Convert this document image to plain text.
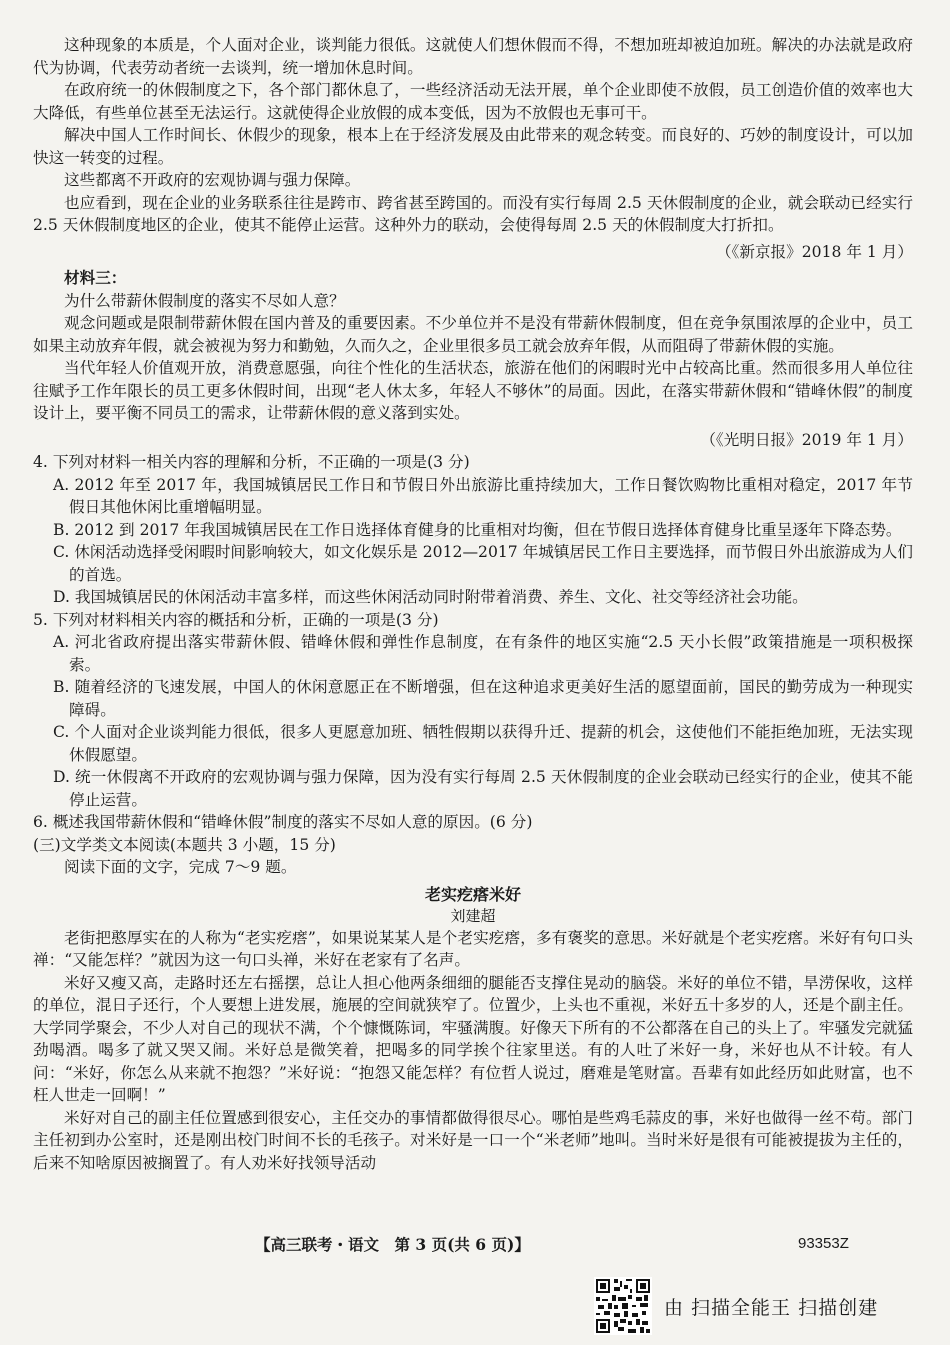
这种现象的本质是，个人面对企业，谈判能力很低。这就使人们想休假而不得，不想加班却被迫加班。解决的办法就是政府代为协调，代表劳动者统一去谈判，统一增加休息时间。

在政府统一的休假制度之下，各个部门都休息了，一些经济活动无法开展，单个企业即使不放假，员工创造价值的效率也大大降低，有些单位甚至无法运行。这就使得企业放假的成本变低，因为不放假也无事可干。

解决中国人工作时间长、休假少的现象，根本上在于经济发展及由此带来的观念转变。而良好的、巧妙的制度设计，可以加快这一转变的过程。

这些都离不开政府的宏观协调与强力保障。

也应看到，现在企业的业务联系往往是跨市、跨省甚至跨国的。而没有实行每周 2.5 天休假制度的企业，就会联动已经实行 2.5 天休假制度地区的企业，使其不能停止运营。这种外力的联动，会使得每周 2.5 天的休假制度大打折扣。

（《新京报》2018 年 1 月）

材料三：

为什么带薪休假制度的落实不尽如人意？

观念问题或是限制带薪休假在国内普及的重要因素。不少单位并不是没有带薪休假制度，但在竞争氛围浓厚的企业中，员工如果主动放弃年假，就会被视为努力和勤勉，久而久之，企业里很多员工就会放弃年假，从而阻碍了带薪休假的实施。

当代年轻人价值观开放，消费意愿强，向往个性化的生活状态，旅游在他们的闲暇时光中占较高比重。然而很多用人单位往往赋予工作年限长的员工更多休假时间，出现“老人休太多，年轻人不够休”的局面。因此，在落实带薪休假和“错峰休假”的制度设计上，要平衡不同员工的需求，让带薪休假的意义落到实处。

（《光明日报》2019 年 1 月）

4. 下列对材料一相关内容的理解和分析，不正确的一项是(3 分)

A. 2012 年至 2017 年，我国城镇居民工作日和节假日外出旅游比重持续加大，工作日餐饮购物比重相对稳定，2017 年节假日其他休闲比重增幅明显。

B. 2012 到 2017 年我国城镇居民在工作日选择体育健身的比重相对均衡，但在节假日选择体育健身比重呈逐年下降态势。

C. 休闲活动选择受闲暇时间影响较大，如文化娱乐是 2012—2017 年城镇居民工作日主要选择，而节假日外出旅游成为人们的首选。

D. 我国城镇居民的休闲活动丰富多样，而这些休闲活动同时附带着消费、养生、文化、社交等经济社会功能。

5. 下列对材料相关内容的概括和分析，正确的一项是(3 分)

A. 河北省政府提出落实带薪休假、错峰休假和弹性作息制度，在有条件的地区实施“2.5 天小长假”政策措施是一项积极探索。

B. 随着经济的飞速发展，中国人的休闲意愿正在不断增强，但在这种追求更美好生活的愿望面前，国民的勤劳成为一种现实障碍。

C. 个人面对企业谈判能力很低，很多人更愿意加班、牺牲假期以获得升迁、提薪的机会，这使他们不能拒绝加班，无法实现休假愿望。

D. 统一休假离不开政府的宏观协调与强力保障，因为没有实行每周 2.5 天休假制度的企业会联动已经实行的企业，使其不能停止运营。

6. 概述我国带薪休假和“错峰休假”制度的落实不尽如人意的原因。(6 分)

(三)文学类文本阅读(本题共 3 小题，15 分)

阅读下面的文字，完成 7～9 题。

老实疙瘩米好

刘建超

老街把憨厚实在的人称为“老实疙瘩”，如果说某某人是个老实疙瘩，多有褒奖的意思。米好就是个老实疙瘩。米好有句口头禅：“又能怎样？”就因为这一句口头禅，米好在老家有了名声。

米好又瘦又高，走路时还左右摇摆，总让人担心他两条细细的腿能否支撑住晃动的脑袋。米好的单位不错，旱涝保收，这样的单位，混日子还行，个人要想上进发展，施展的空间就狭窄了。位置少，上头也不重视，米好五十多岁的人，还是个副主任。大学同学聚会，不少人对自己的现状不满，个个慷慨陈词，牢骚满腹。好像天下所有的不公都落在自己的头上了。牢骚发完就猛劲喝酒。喝多了就又哭又闹。米好总是微笑着，把喝多的同学挨个往家里送。有的人吐了米好一身，米好也从不计较。有人问：“米好，你怎么从来就不抱怨？”米好说：“抱怨又能怎样？有位哲人说过，磨难是笔财富。吾辈有如此经历如此财富，也不枉人世走一回啊！”

米好对自己的副主任位置感到很安心，主任交办的事情都做得很尽心。哪怕是些鸡毛蒜皮的事，米好也做得一丝不苟。部门主任初到办公室时，还是刚出校门时间不长的毛孩子。对米好是一口一个“米老师”地叫。当时米好是很有可能被提拔为主任的，后来不知啥原因被搁置了。有人劝米好找领导活动

【高三联考・语文　第 3 页(共 6 页)】	93353Z
由 扫描全能王 扫描创建
